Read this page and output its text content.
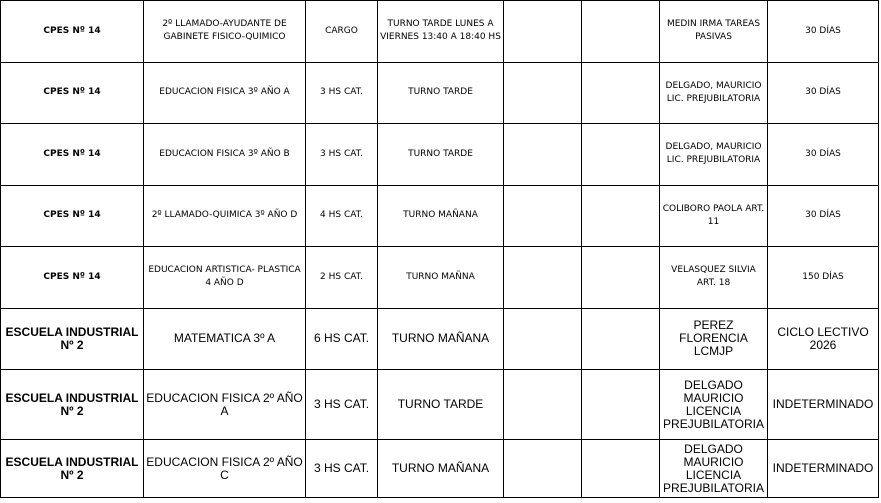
CPES Nº 14	2º LLAMADO-AYUDANTE DE GABINETE FISICO-QUIMICO	CARGO	TURNO TARDE LUNES A VIERNES 13:40 A 18:40 HS			MEDIN IRMA TAREAS PASIVAS	30 DÍAS
CPES Nº 14	EDUCACION FISICA 3º AÑO A	3 HS CAT.	TURNO TARDE			DELGADO, MAURICIO LIC. PREJUBILATORIA	30 DÍAS
CPES Nº 14	EDUCACION FISICA 3º AÑO B	3 HS CAT.	TURNO TARDE			DELGADO, MAURICIO LIC. PREJUBILATORIA	30 DÍAS
CPES Nº 14	2º LLAMADO-QUIMICA 3º AÑO D	4 HS CAT.	TURNO MAÑANA			COLIBORO PAOLA ART. 11	30 DÍAS
CPES Nº 14	EDUCACION ARTISTICA- PLASTICA 4 AÑO D	2 HS CAT.	TURNO MAÑNA			VELASQUEZ SILVIA ART. 18	150 DÍAS
ESCUELA INDUSTRIAL Nº 2	MATEMATICA 3º A	6 HS CAT.	TURNO MAÑANA			PEREZ FLORENCIA LCMJP	CICLO LECTIVO 2026
ESCUELA INDUSTRIAL Nº 2	EDUCACION FISICA 2º AÑO A	3 HS CAT.	TURNO TARDE			DELGADO MAURICIO LICENCIA PREJUBILATORIA	INDETERMINADO
ESCUELA INDUSTRIAL Nº 2	EDUCACION FISICA 2º AÑO C	3 HS CAT.	TURNO MAÑANA			DELGADO MAURICIO LICENCIA PREJUBILATORIA	INDETERMINADO
